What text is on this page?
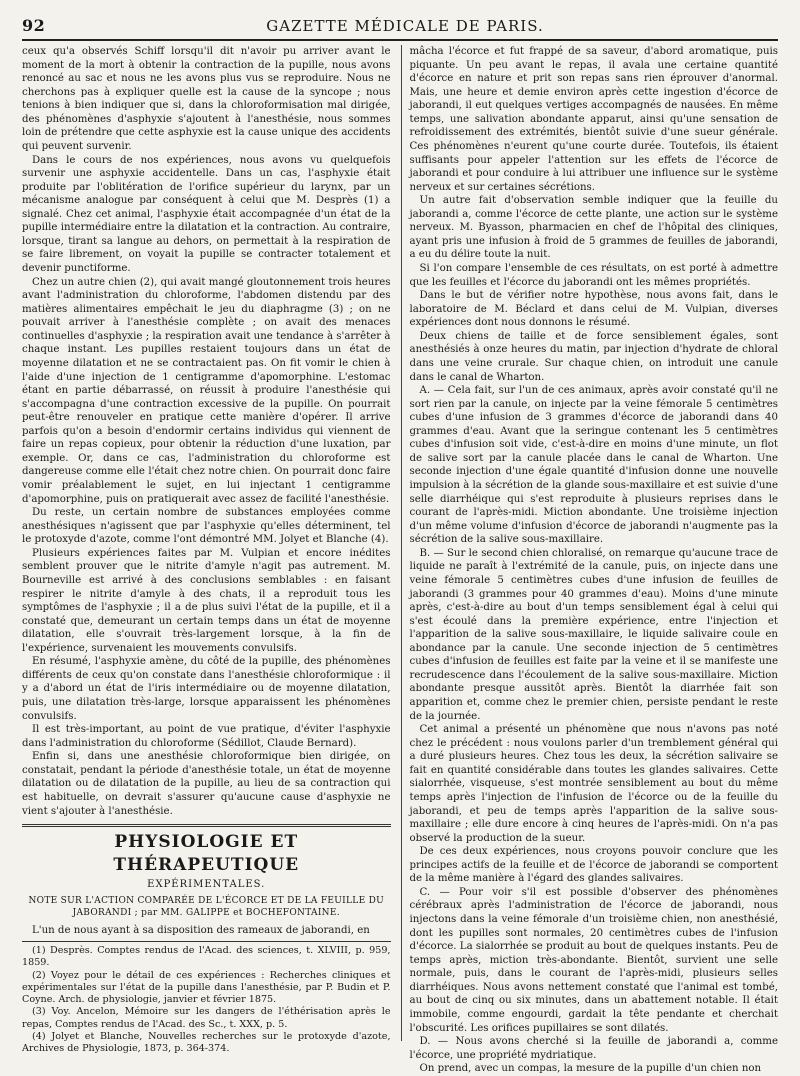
92	GAZETTE MÉDICALE DE PARIS.

ceux qu'a observés Schiff lorsqu'il dit n'avoir pu arriver avant le moment de la mort à obtenir la contraction de la pupille, nous avons renoncé au sac et nous ne les avons plus vus se reproduire. Nous ne cherchons pas à expliquer quelle est la cause de la syncope ; nous tenions à bien indiquer que si, dans la chloroformisation mal dirigée, des phénomènes d'asphyxie s'ajoutent à l'anesthésie, nous sommes loin de prétendre que cette asphyxie est la cause unique des accidents qui peuvent survenir.

Dans le cours de nos expériences, nous avons vu quelquefois survenir une asphyxie accidentelle. Dans un cas, l'asphyxie était produite par l'oblitération de l'orifice supérieur du larynx, par un mécanisme analogue par conséquent à celui que M. Desprès (1) a signalé. Chez cet animal, l'asphyxie était accompagnée d'un état de la pupille intermédiaire entre la dilatation et la contraction. Au contraire, lorsque, tirant sa langue au dehors, on permettait à la respiration de se faire librement, on voyait la pupille se contracter totalement et devenir punctiforme.

Chez un autre chien (2), qui avait mangé gloutonnement trois heures avant l'administration du chloroforme, l'abdomen distendu par des matières alimentaires empêchait le jeu du diaphragme (3) ; on ne pouvait arriver à l'anesthésie complète ; on avait des menaces continuelles d'asphyxie ; la respiration avait une tendance à s'arrêter à chaque instant. Les pupilles restaient toujours dans un état de moyenne dilatation et ne se contractaient pas. On fit vomir le chien à l'aide d'une injection de 1 centigramme d'apomorphine. L'estomac étant en partie débarrassé, on réussit à produire l'anesthésie qui s'accompagna d'une contraction excessive de la pupille. On pourrait peut-être renouveler en pratique cette manière d'opérer. Il arrive parfois qu'on a besoin d'endormir certains individus qui viennent de faire un repas copieux, pour obtenir la réduction d'une luxation, par exemple. Or, dans ce cas, l'administration du chloroforme est dangereuse comme elle l'était chez notre chien. On pourrait donc faire vomir préalablement le sujet, en lui injectant 1 centigramme d'apomorphine, puis on pratiquerait avec assez de facilité l'anesthésie.

Du reste, un certain nombre de substances employées comme anesthésiques n'agissent que par l'asphyxie qu'elles déterminent, tel le protoxyde d'azote, comme l'ont démontré MM. Jolyet et Blanche (4).

Plusieurs expériences faites par M. Vulpian et encore inédites semblent prouver que le nitrite d'amyle n'agit pas autrement. M. Bourneville est arrivé à des conclusions semblables : en faisant respirer le nitrite d'amyle à des chats, il a reproduit tous les symptômes de l'asphyxie ; il a de plus suivi l'état de la pupille, et il a constaté que, demeurant un certain temps dans un état de moyenne dilatation, elle s'ouvrait très-largement lorsque, à la fin de l'expérience, survenaient les mouvements convulsifs.

En résumé, l'asphyxie amène, du côté de la pupille, des phénomènes différents de ceux qu'on constate dans l'anesthésie chloroformique : il y a d'abord un état de l'iris intermédiaire ou de moyenne dilatation, puis, une dilatation très-large, lorsque apparaissent les phénomènes convulsifs.

Il est très-important, au point de vue pratique, d'éviter l'asphyxie dans l'administration du chloroforme (Sédillot, Claude Bernard).

Enfin si, dans une anesthésie chloroformique bien dirigée, on constatait, pendant la période d'anesthésie totale, un état de moyenne dilatation ou de dilatation de la pupille, au lieu de sa contraction qui est habituelle, on devrait s'assurer qu'aucune cause d'asphyxie ne vient s'ajouter à l'anesthésie.

PHYSIOLOGIE ET THÉRAPEUTIQUE
EXPÉRIMENTALES.
NOTE SUR L'ACTION COMPARÉE DE L'ÉCORCE ET DE LA FEUILLE DU JABORANDI ; par MM. GALIPPE et BOCHEFONTAINE.

L'un de nous ayant à sa disposition des rameaux de jaborandi, en

(1) Desprès. Comptes rendus de l'Acad. des sciences, t. XLVIII, p. 959, 1859.

(2) Voyez pour le détail de ces expériences : Recherches cliniques et expérimentales sur l'état de la pupille dans l'anesthésie, par P. Budin et P. Coyne. Arch. de physiologie, janvier et février 1875.

(3) Voy. Ancelon, Mémoire sur les dangers de l'éthérisation après le repas, Comptes rendus de l'Acad. des Sc., t. XXX, p. 5.

(4) Jolyet et Blanche, Nouvelles recherches sur le protoxyde d'azote, Archives de Physiologie, 1873, p. 364-374.

mâcha l'écorce et fut frappé de sa saveur, d'abord aromatique, puis piquante. Un peu avant le repas, il avala une certaine quantité d'écorce en nature et prit son repas sans rien éprouver d'anormal. Mais, une heure et demie environ après cette ingestion d'écorce de jaborandi, il eut quelques vertiges accompagnés de nausées. En même temps, une salivation abondante apparut, ainsi qu'une sensation de refroidissement des extrémités, bientôt suivie d'une sueur générale. Ces phénomènes n'eurent qu'une courte durée. Toutefois, ils étaient suffisants pour appeler l'attention sur les effets de l'écorce de jaborandi et pour conduire à lui attribuer une influence sur le système nerveux et sur certaines sécrétions.

Un autre fait d'observation semble indiquer que la feuille du jaborandi a, comme l'écorce de cette plante, une action sur le système nerveux. M. Byasson, pharmacien en chef de l'hôpital des cliniques, ayant pris une infusion à froid de 5 grammes de feuilles de jaborandi, a eu du délire toute la nuit.

Si l'on compare l'ensemble de ces résultats, on est porté à admettre que les feuilles et l'écorce du jaborandi ont les mêmes propriétés.

Dans le but de vérifier notre hypothèse, nous avons fait, dans le laboratoire de M. Béclard et dans celui de M. Vulpian, diverses expériences dont nous donnons le résumé.

Deux chiens de taille et de force sensiblement égales, sont anesthésiés à onze heures du matin, par injection d'hydrate de chloral dans une veine crurale. Sur chaque chien, on introduit une canule dans le canal de Wharton.

A. — Cela fait, sur l'un de ces animaux, après avoir constaté qu'il ne sort rien par la canule, on injecte par la veine fémorale 5 centimètres cubes d'une infusion de 3 grammes d'écorce de jaborandi dans 40 grammes d'eau. Avant que la seringue contenant les 5 centimètres cubes d'infusion soit vide, c'est-à-dire en moins d'une minute, un flot de salive sort par la canule placée dans le canal de Wharton. Une seconde injection d'une égale quantité d'infusion donne une nouvelle impulsion à la sécrétion de la glande sous-maxillaire et est suivie d'une selle diarrhéique qui s'est reproduite à plusieurs reprises dans le courant de l'après-midi. Miction abondante. Une troisième injection d'un même volume d'infusion d'écorce de jaborandi n'augmente pas la sécrétion de la salive sous-maxillaire.

B. — Sur le second chien chloralisé, on remarque qu'aucune trace de liquide ne paraît à l'extrémité de la canule, puis, on injecte dans une veine fémorale 5 centimètres cubes d'une infusion de feuilles de jaborandi (3 grammes pour 40 grammes d'eau). Moins d'une minute après, c'est-à-dire au bout d'un temps sensiblement égal à celui qui s'est écoulé dans la première expérience, entre l'injection et l'apparition de la salive sous-maxillaire, le liquide salivaire coule en abondance par la canule. Une seconde injection de 5 centimètres cubes d'infusion de feuilles est faite par la veine et il se manifeste une recrudescence dans l'écoulement de la salive sous-maxillaire. Miction abondante presque aussitôt après. Bientôt la diarrhée fait son apparition et, comme chez le premier chien, persiste pendant le reste de la journée.

Cet animal a présenté un phénomène que nous n'avons pas noté chez le précédent : nous voulons parler d'un tremblement général qui a duré plusieurs heures. Chez tous les deux, la sécrétion salivaire se fait en quantité considérable dans toutes les glandes salivaires. Cette sialorrhée, visqueuse, s'est montrée sensiblement au bout du même temps après l'injection de l'infusion de l'écorce ou de la feuille du jaborandi, et peu de temps après l'apparition de la salive sous-maxillaire ; elle dure encore à cinq heures de l'après-midi. On n'a pas observé la production de la sueur.

De ces deux expériences, nous croyons pouvoir conclure que les principes actifs de la feuille et de l'écorce de jaborandi se comportent de la même manière à l'égard des glandes salivaires.

C. — Pour voir s'il est possible d'observer des phénomènes cérébraux après l'administration de l'écorce de jaborandi, nous injectons dans la veine fémorale d'un troisième chien, non anesthésié, dont les pupilles sont normales, 20 centimètres cubes de l'infusion d'écorce. La sialorrhée se produit au bout de quelques instants. Peu de temps après, miction très-abondante. Bientôt, survient une selle normale, puis, dans le courant de l'après-midi, plusieurs selles diarrhéiques. Nous avons nettement constaté que l'animal est tombé, au bout de cinq ou six minutes, dans un abattement notable. Il était immobile, comme engourdi, gardait la tête pendante et cherchait l'obscurité. Les orifices pupillaires se sont dilatés.

D. — Nous avons cherché si la feuille de jaborandi a, comme l'écorce, une propriété mydriatique.

On prend, avec un compas, la mesure de la pupille d'un chien non
